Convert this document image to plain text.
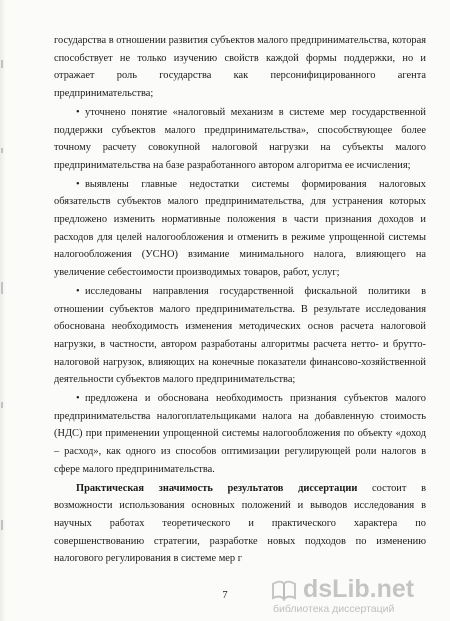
государства в отношении развития субъектов малого предпринимательства, которая способствует не только изучению свойств каждой формы поддержки, но и отражает роль государства как персонифицированного агента предпринимательства;

• уточнено понятие «налоговый механизм в системе мер государственной поддержки субъектов малого предпринимательства», способствующее более точному расчету совокупной налоговой нагрузки на субъекты малого предпринимательства на базе разработанного автором алгоритма ее исчисления;

• выявлены главные недостатки системы формирования налоговых обязательств субъектов малого предпринимательства, для устранения которых предложено изменить нормативные положения в части признания доходов и расходов для целей налогообложения и отменить в режиме упрощенной системы налогообложения (УСНО) взимание минимального налога, влияющего на увеличение себестоимости производимых товаров, работ, услуг;

• исследованы направления государственной фискальной политики в отношении субъектов малого предпринимательства. В результате исследования обоснована необходимость изменения методических основ расчета налоговой нагрузки, в частности, автором разработаны алгоритмы расчета нетто- и брутто-налоговой нагрузок, влияющих на конечные показатели финансово-хозяйственной деятельности субъектов малого предпринимательства;

• предложена и обоснована необходимость признания субъектов малого предпринимательства налогоплательщиками налога на добавленную стоимость (НДС) при применении упрощенной системы налогообложения по объекту «доход – расход», как одного из способов оптимизации регулирующей роли налогов в сфере малого предпринимательства.

Практическая значимость результатов диссертации состоит в возможности использования основных положений и выводов исследования в научных работах теоретического и практического характера по совершенствованию стратегии, разработке новых подходов по изменению налогового регулирования в системе мер г

7	dsLib.net
библиотека диссертаций
